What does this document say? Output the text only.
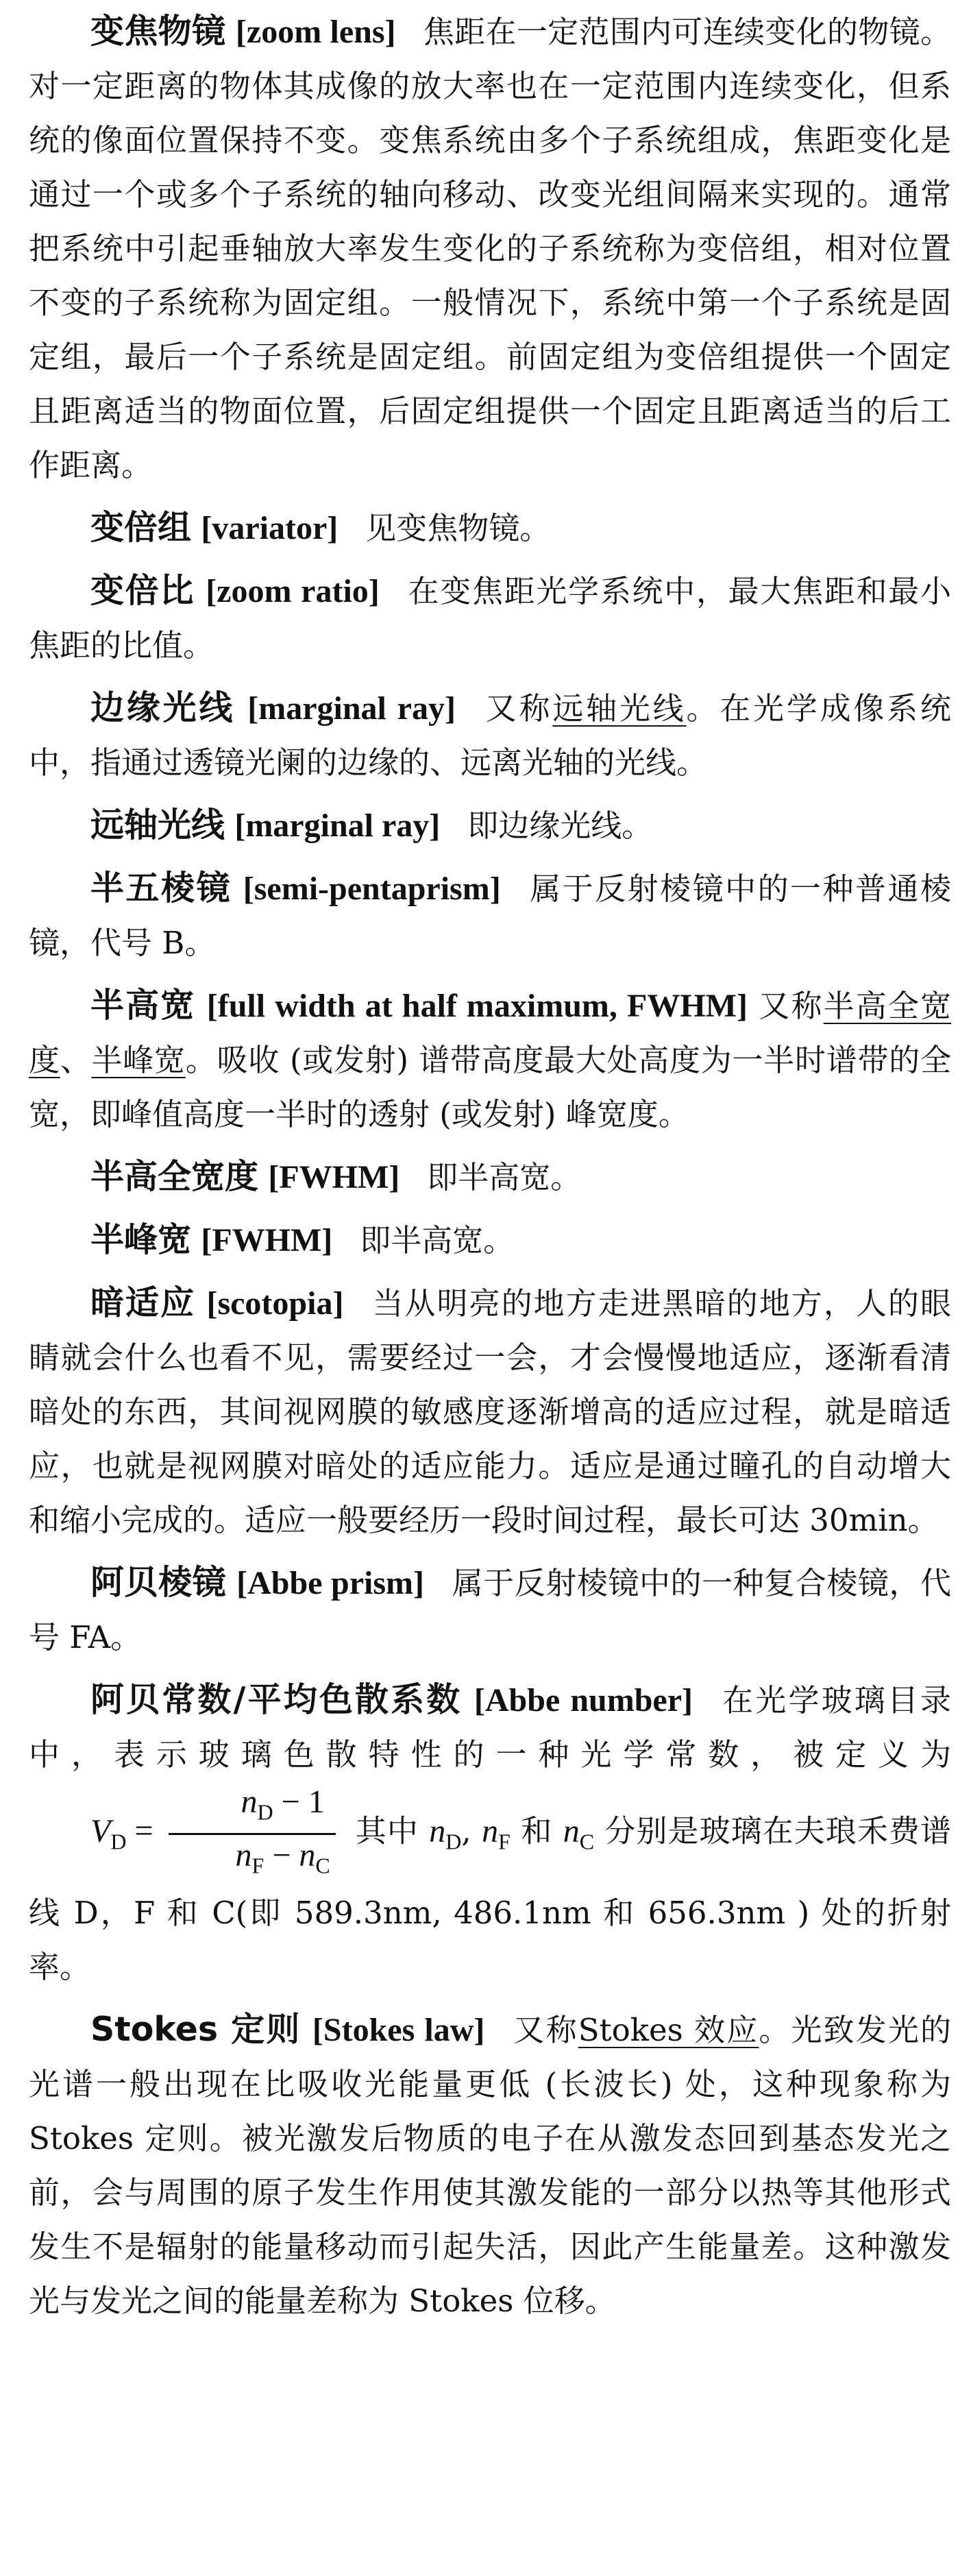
变焦物镜 [zoom lens] 焦距在一定范围内可连续变化的物镜。对一定距离的物体其成像的放大率也在一定范围内连续变化，但系统的像面位置保持不变。变焦系统由多个子系统组成，焦距变化是通过一个或多个子系统的轴向移动、改变光组间隔来实现的。通常把系统中引起垂轴放大率发生变化的子系统称为变倍组，相对位置不变的子系统称为固定组。一般情况下，系统中第一个子系统是固定组，最后一个子系统是固定组。前固定组为变倍组提供一个固定且距离适当的物面位置，后固定组提供一个固定且距离适当的后工作距离。

变倍组 [variator] 见变焦物镜。

变倍比 [zoom ratio] 在变焦距光学系统中，最大焦距和最小焦距的比值。

边缘光线 [marginal ray] 又称远轴光线。在光学成像系统中，指通过透镜光阑的边缘的、远离光轴的光线。

远轴光线 [marginal ray] 即边缘光线。

半五棱镜 [semi-pentaprism] 属于反射棱镜中的一种普通棱镜，代号 B。

半高宽 [full width at half maximum, FWHM] 又称半高全宽度、半峰宽。吸收 (或发射) 谱带高度最大处高度为一半时谱带的全宽，即峰值高度一半时的透射 (或发射) 峰宽度。

半高全宽度 [FWHM] 即半高宽。

半峰宽 [FWHM] 即半高宽。

暗适应 [scotopia] 当从明亮的地方走进黑暗的地方，人的眼睛就会什么也看不见，需要经过一会，才会慢慢地适应，逐渐看清暗处的东西，其间视网膜的敏感度逐渐增高的适应过程，就是暗适应，也就是视网膜对暗处的适应能力。适应是通过瞳孔的自动增大和缩小完成的。适应一般要经历一段时间过程，最长可达 30min。

阿贝棱镜 [Abbe prism] 属于反射棱镜中的一种复合棱镜，代号 FA。

阿贝常数/平均色散系数 [Abbe number] 在光学玻璃目录中，表示玻璃色散特性的一种光学常数，被定义为 $V_D = \frac{n_D - 1}{n_F - n_C}$ 其中 $n_D$, $n_F$ 和 $n_C$ 分别是玻璃在夫琅禾费谱线 D，F 和 C(即 589.3nm, 486.1nm 和 656.3nm ) 处的折射率。

Stokes 定则 [Stokes law] 又称Stokes 效应。光致发光的光谱一般出现在比吸收光能量更低 (长波长) 处，这种现象称为 Stokes 定则。被光激发后物质的电子在从激发态回到基态发光之前，会与周围的原子发生作用使其激发能的一部分以热等其他形式发生不是辐射的能量移动而引起失活，因此产生能量差。这种激发光与发光之间的能量差称为 Stokes 位移。
